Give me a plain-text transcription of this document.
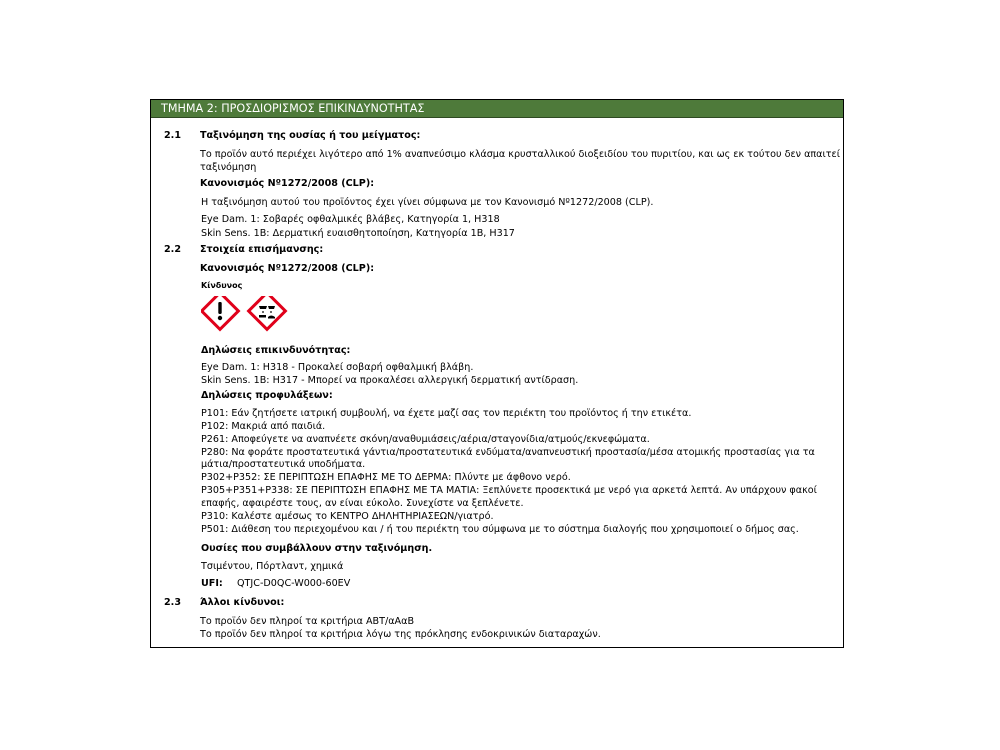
ΤΜΗΜΑ 2: ΠΡΟΣΔΙΟΡΙΣΜΟΣ ΕΠΙΚΙΝΔΥΝΟΤΗΤΑΣ
2.1 Ταξινόμηση της ουσίας ή του μείγματος:
Το προϊόν αυτό περιέχει λιγότερο από 1% αναπνεύσιμο κλάσμα κρυσταλλικού διοξειδίου του πυριτίου, και ως εκ τούτου δεν απαιτεί
ταξινόμηση
Κανονισμός Nº1272/2008 (CLP):
Η ταξινόμηση αυτού του προϊόντος έχει γίνει σύμφωνα με τον Κανονισμό Nº1272/2008 (CLP).
Eye Dam. 1: Σοβαρές οφθαλμικές βλάβες, Κατηγορία 1, H318
Skin Sens. 1B: Δερματική ευαισθητοποίηση, Κατηγορία 1B, H317
2.2 Στοιχεία επισήμανσης:
Κανονισμός Nº1272/2008 (CLP):
Κίνδυνος
Δηλώσεις επικινδυνότητας:
Eye Dam. 1: H318 - Προκαλεί σοβαρή οφθαλμική βλάβη.
Skin Sens. 1B: H317 - Μπορεί να προκαλέσει αλλεργική δερματική αντίδραση.
Δηλώσεις προφυλάξεων:
P101: Εάν ζητήσετε ιατρική συμβουλή, να έχετε μαζί σας τον περιέκτη του προϊόντος ή την ετικέτα.
P102: Μακριά από παιδιά.
P261: Αποφεύγετε να αναπνέετε σκόνη/αναθυμιάσεις/αέρια/σταγονίδια/ατμούς/εκνεφώματα.
P280: Να φοράτε προστατευτικά γάντια/προστατευτικά ενδύματα/αναπνευστική προστασία/μέσα ατομικής προστασίας για τα
μάτια/προστατευτικά υποδήματα.
P302+P352: ΣΕ ΠΕΡΙΠΤΩΣΗ ΕΠΑΦΗΣ ΜΕ ΤΟ ΔΕΡΜΑ: Πλύντε με άφθονο νερό.
P305+P351+P338: ΣΕ ΠΕΡΙΠΤΩΣΗ ΕΠΑΦΗΣ ΜΕ ΤΑ ΜΑΤΙΑ: Ξεπλύνετε προσεκτικά με νερό για αρκετά λεπτά. Αν υπάρχουν φακοί
επαφής, αφαιρέστε τους, αν είναι εύκολο. Συνεχίστε να ξεπλένετε.
P310: Καλέστε αμέσως το ΚΕΝΤΡΟ ΔΗΛΗΤΗΡΙΑΣΕΩΝ/γιατρό.
P501: Διάθεση του περιεχομένου και / ή του περιέκτη του σύμφωνα με το σύστημα διαλογής που χρησιμοποιεί ο δήμος σας.
Ουσίες που συμβάλλουν στην ταξινόμηση.
Τσιμέντου, Πόρτλαντ, χημικά
UFI: QTJC-D0QC-W000-60EV
2.3 Άλλοι κίνδυνοι:
Το προϊόν δεν πληροί τα κριτήρια ΑΒΤ/αΑαΒ
Το προϊόν δεν πληροί τα κριτήρια λόγω της πρόκλησης ενδοκρινικών διαταραχών.
